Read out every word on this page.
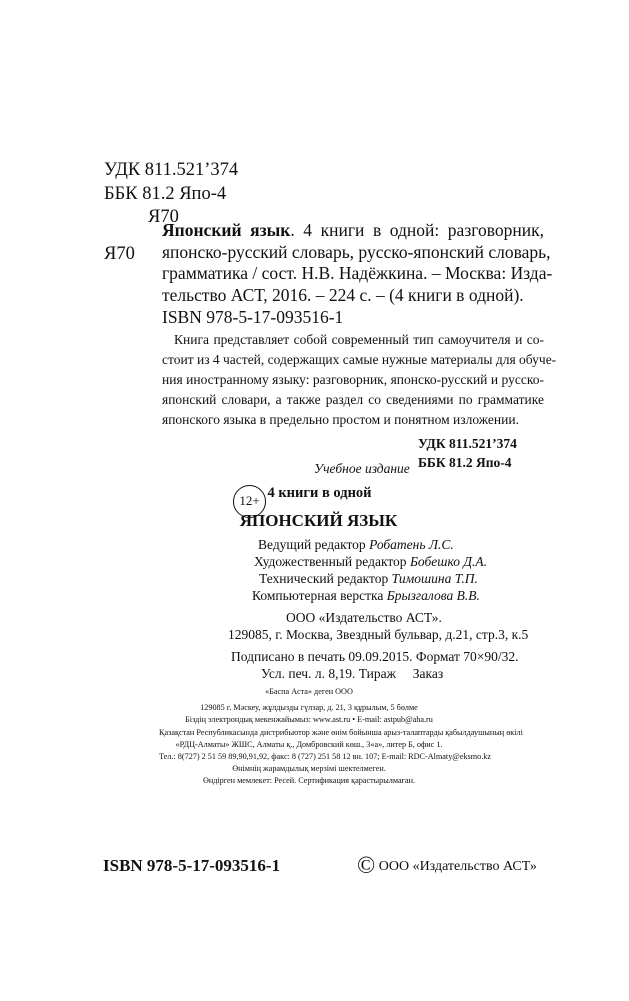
УДК 811.521’374
ББК 81.2 Япо-4
Я70
Я70
Японский язык. 4 книги в одной: разговорник,
японско-русский словарь, русско-японский словарь,
грамматика / сост. Н.В. Надёжкина. – Москва: Изда-
тельство АСТ, 2016. – 224 с. – (4 книги в одной).
ISBN 978-5-17-093516-1
Книга представляет собой современный тип самоучителя и со-
стоит из 4 частей, содержащих самые нужные материалы для обуче-
ния иностранному языку: разговорник, японско-русский и русско-
японский словари, а также раздел со сведениями по грамматике
японского языка в предельно простом и понятном изложении.
УДК 811.521’374
ББК 81.2 Япо-4
Учебное издание
12+ 4 книги в одной
ЯПОНСКИЙ ЯЗЫК
Ведущий редактор Робатень Л.С.
Художественный редактор Бобешко Д.А.
Технический редактор Тимошина Т.П.
Компьютерная верстка Брызгалова В.В.
ООО «Издательство АСТ».
129085, г. Москва, Звездный бульвар, д.21, стр.3, к.5
Подписано в печать 09.09.2015. Формат 70×90/32.
Усл. печ. л. 8,19. Тираж     Заказ
«Баспа Аста» деген ООО
129085 г. Мәскеу, жұлдызды гүлзар, д. 21, 3 құрылым, 5 бөлме
Біздің электрондық мекенжайымыз: www.ast.ru • E-mail: astpub@aha.ru
Қазақстан Республикасында дистрибьютор және өнім бойынша арыз-талаптарды қабылдаушының өкілі
«РДЦ-Алматы» ЖШС, Алматы қ., Домбровский көш., 3«а», литер Б, офис 1.
Тел.: 8(727) 2 51 59 89,90,91,92, факс: 8 (727) 251 58 12 вн. 107; E-mail: RDC-Almaty@eksmo.kz
Өнімнің жарамдылық мерзімі шектелмеген.
Өндірген мемлекет: Ресей. Сертификация қарастырылмаған.
ISBN 978-5-17-093516-1	© ООО «Издательство АСТ»
